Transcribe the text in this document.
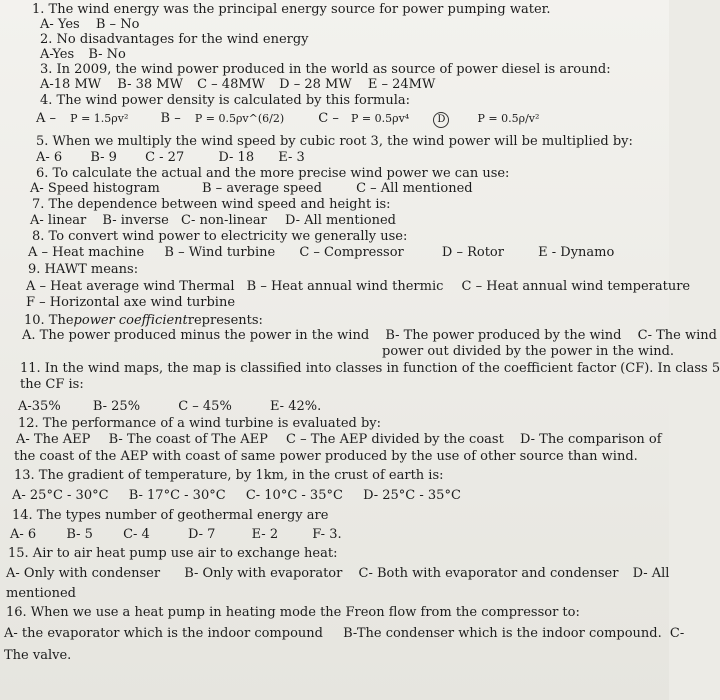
1. The wind energy was the principal energy source for power pumping water.
A- Yes B – No
2. No disadvantages for the wind energy
A-Yes B- No
3. In 2009, the wind power produced in the world as source of power diesel is around:
A-18 MW B- 38 MW C – 48MW D – 28 MW E – 24MW
4. The wind power density is calculated by this formula:
A – P = 1.5ρv² B – P = 0.5ρv^(6/2)	C – P = 0.5ρv⁴	D	P = 0.5ρ/v²
5. When we multiply the wind speed by cubic root 3, the wind power will be multiplied by:
A- 6 B- 9 C - 27	D- 18 E- 3
6. To calculate the actual and the more precise wind power we can use:
A- Speed histogram	B – average speed	C – All mentioned
7. The dependence between wind speed and height is:
A- linear B- inverse C- non-linear D- All mentioned
8. To convert wind power to electricity we generally use:
A – Heat machine B – Wind turbine C – Compressor	D – Rotor	E - Dynamo
9. HAWT means:
A – Heat average wind Thermal B – Heat annual wind thermic C – Heat annual wind temperature
F – Horizontal axe wind turbine
10. Thepower coefficientrepresents:
A. The power produced minus the power in the wind B- The power produced by the wind C- The wind
power out divided by the power in the wind.
11. In the wind maps, the map is classified into classes in function of the coefficient factor (CF). In class 5
the CF is:
A-35% B- 25%	C – 45%	E- 42%.
12. The performance of a wind turbine is evaluated by:
A- The AEP B- The coast of The AEP C – The AEP divided by the coast D- The comparison of
the coast of the AEP with coast of same power produced by the use of other source than wind.
13. The gradient of temperature, by 1km, in the crust of earth is:
A- 25°C - 30°C B- 17°C - 30°C C- 10°C - 35°C D- 25°C - 35°C
14. The types number of geothermal energy are
A- 6 B- 5 C- 4	D- 7	E- 2	F- 3.
15. Air to air heat pump use air to exchange heat:
A- Only with condenser B- Only with evaporator C- Both with evaporator and condenser D- All
mentioned
16. When we use a heat pump in heating mode the Freon flow from the compressor to:
A- the evaporator which is the indoor compound B-The condenser which is the indoor compound. C-
The valve.
